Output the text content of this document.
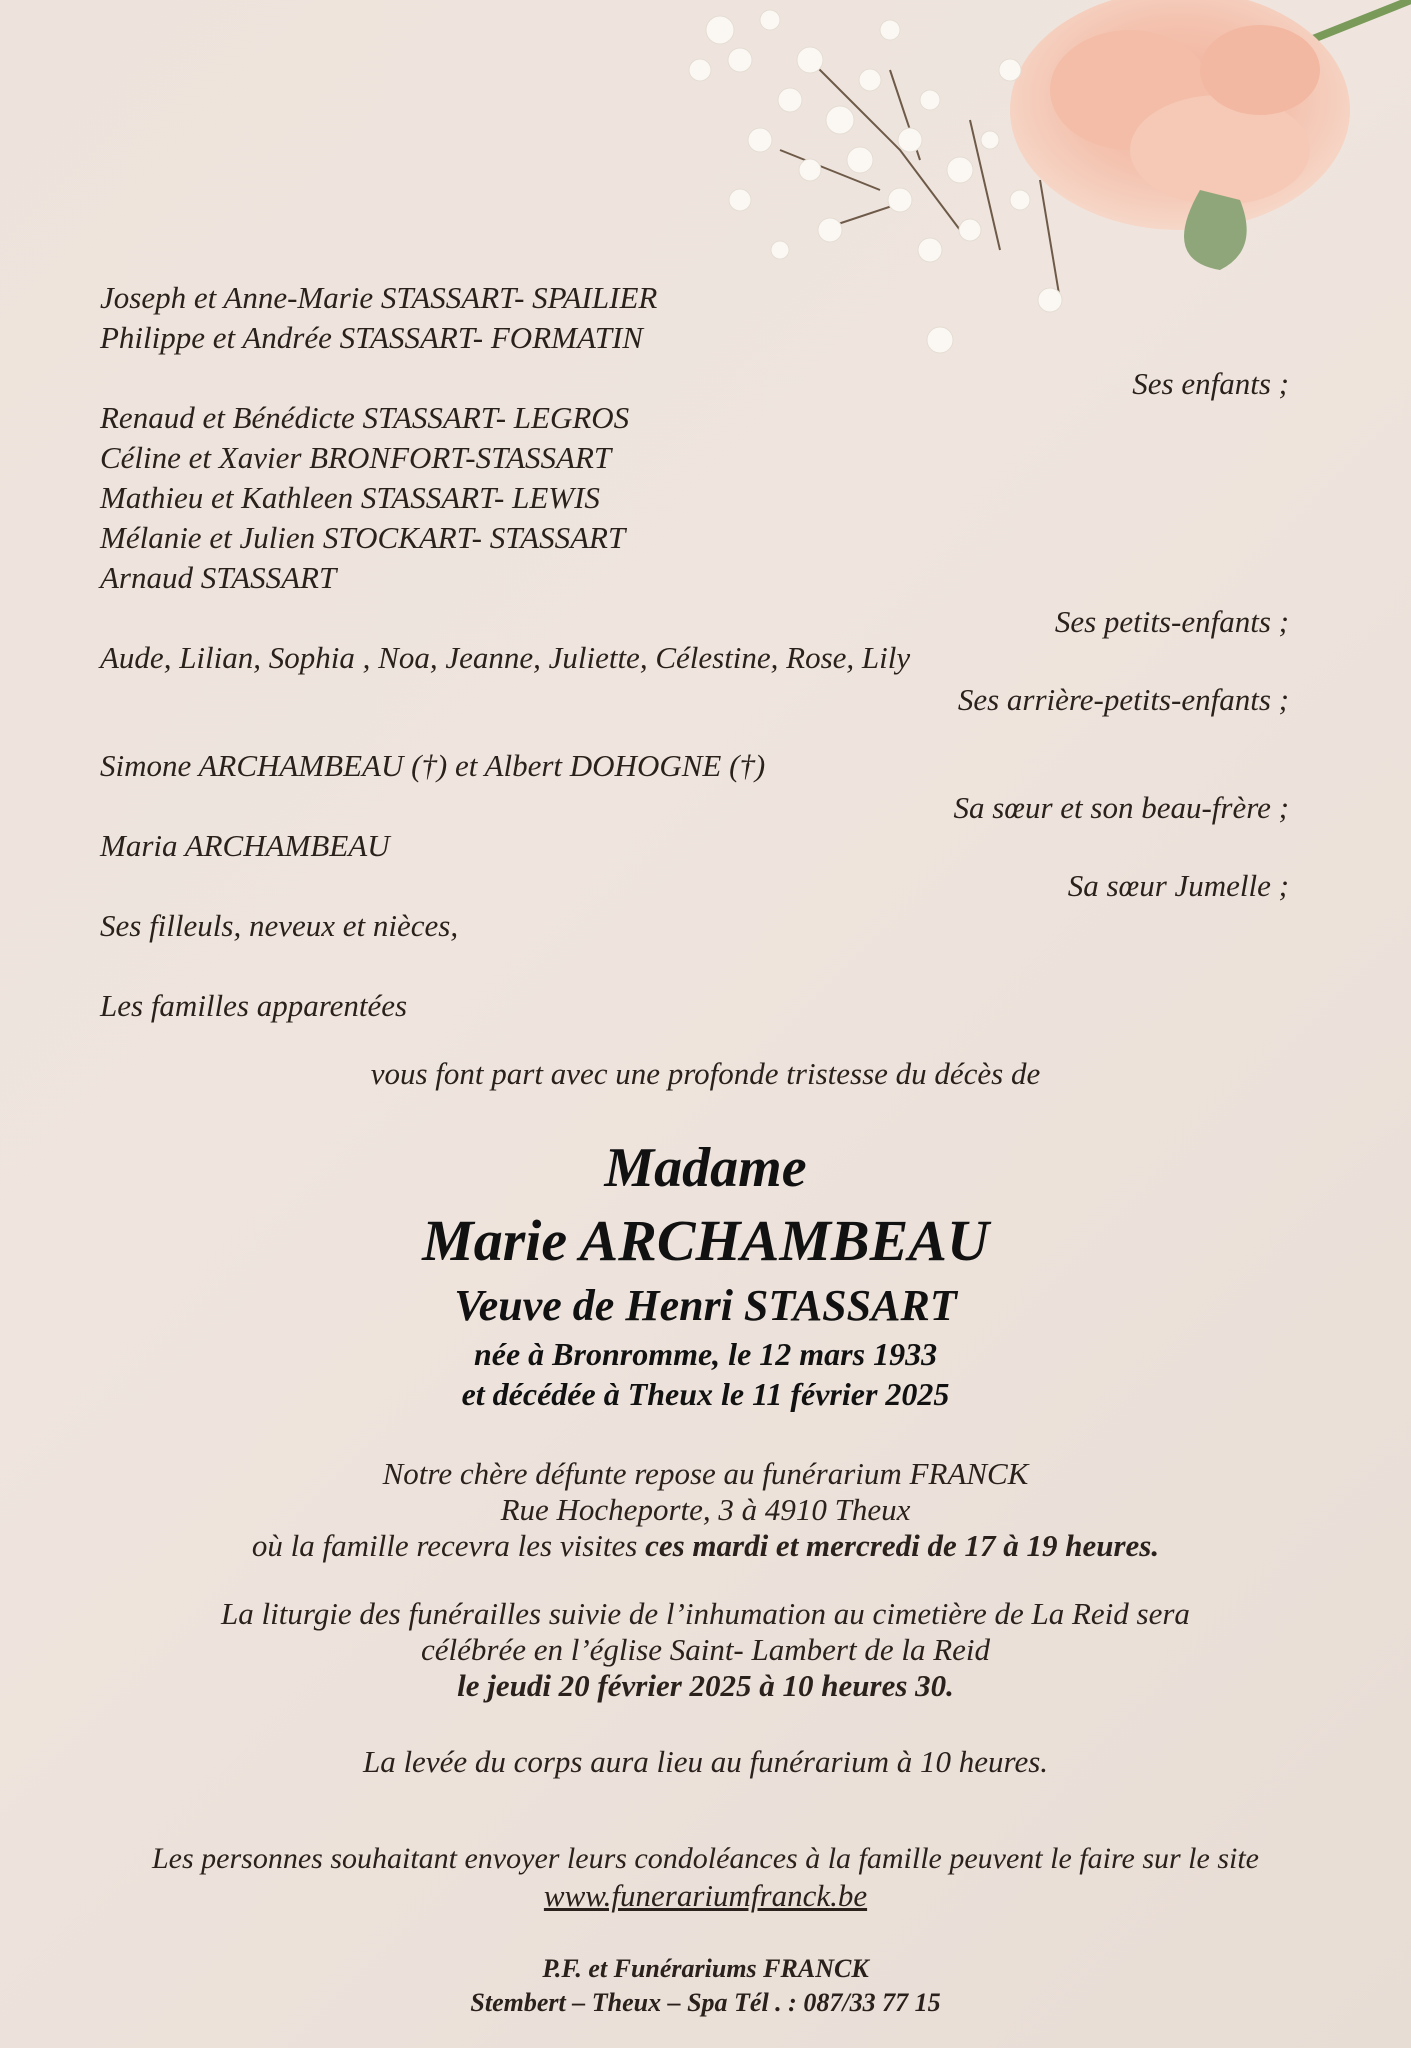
Joseph et Anne-Marie STASSART- SPAILIER
Philippe et Andrée STASSART- FORMATIN
Ses enfants ;
Renaud et Bénédicte STASSART- LEGROS
Céline et Xavier BRONFORT-STASSART
Mathieu et Kathleen STASSART- LEWIS
Mélanie et Julien STOCKART- STASSART
Arnaud STASSART
Ses petits-enfants ;
Aude, Lilian, Sophia , Noa, Jeanne, Juliette, Célestine, Rose, Lily
Ses arrière-petits-enfants ;
Simone ARCHAMBEAU (†) et Albert DOHOGNE (†)
Sa sœur et son beau-frère ;
Maria ARCHAMBEAU
Sa sœur Jumelle ;
Ses filleuls, neveux et nièces,
Les familles apparentées
vous font part avec une profonde tristesse du décès de
Madame
Marie ARCHAMBEAU
Veuve de Henri STASSART
née à Bronromme, le 12 mars 1933
et décédée à Theux le 11 février 2025
Notre chère défunte repose au funérarium FRANCK
Rue Hocheporte, 3 à 4910 Theux
où la famille recevra les visites ces mardi et mercredi de 17 à 19 heures.
La liturgie des funérailles suivie de l’inhumation au cimetière de La Reid sera
célébrée en l’église Saint- Lambert de la Reid
le jeudi 20 février 2025 à 10 heures 30.
La levée du corps aura lieu au funérarium à 10 heures.
Les personnes souhaitant envoyer leurs condoléances à la famille peuvent le faire sur le site
www.funerariumfranck.be
P.F. et Funérariums FRANCK
Stembert – Theux – Spa Tél . : 087/33 77 15
